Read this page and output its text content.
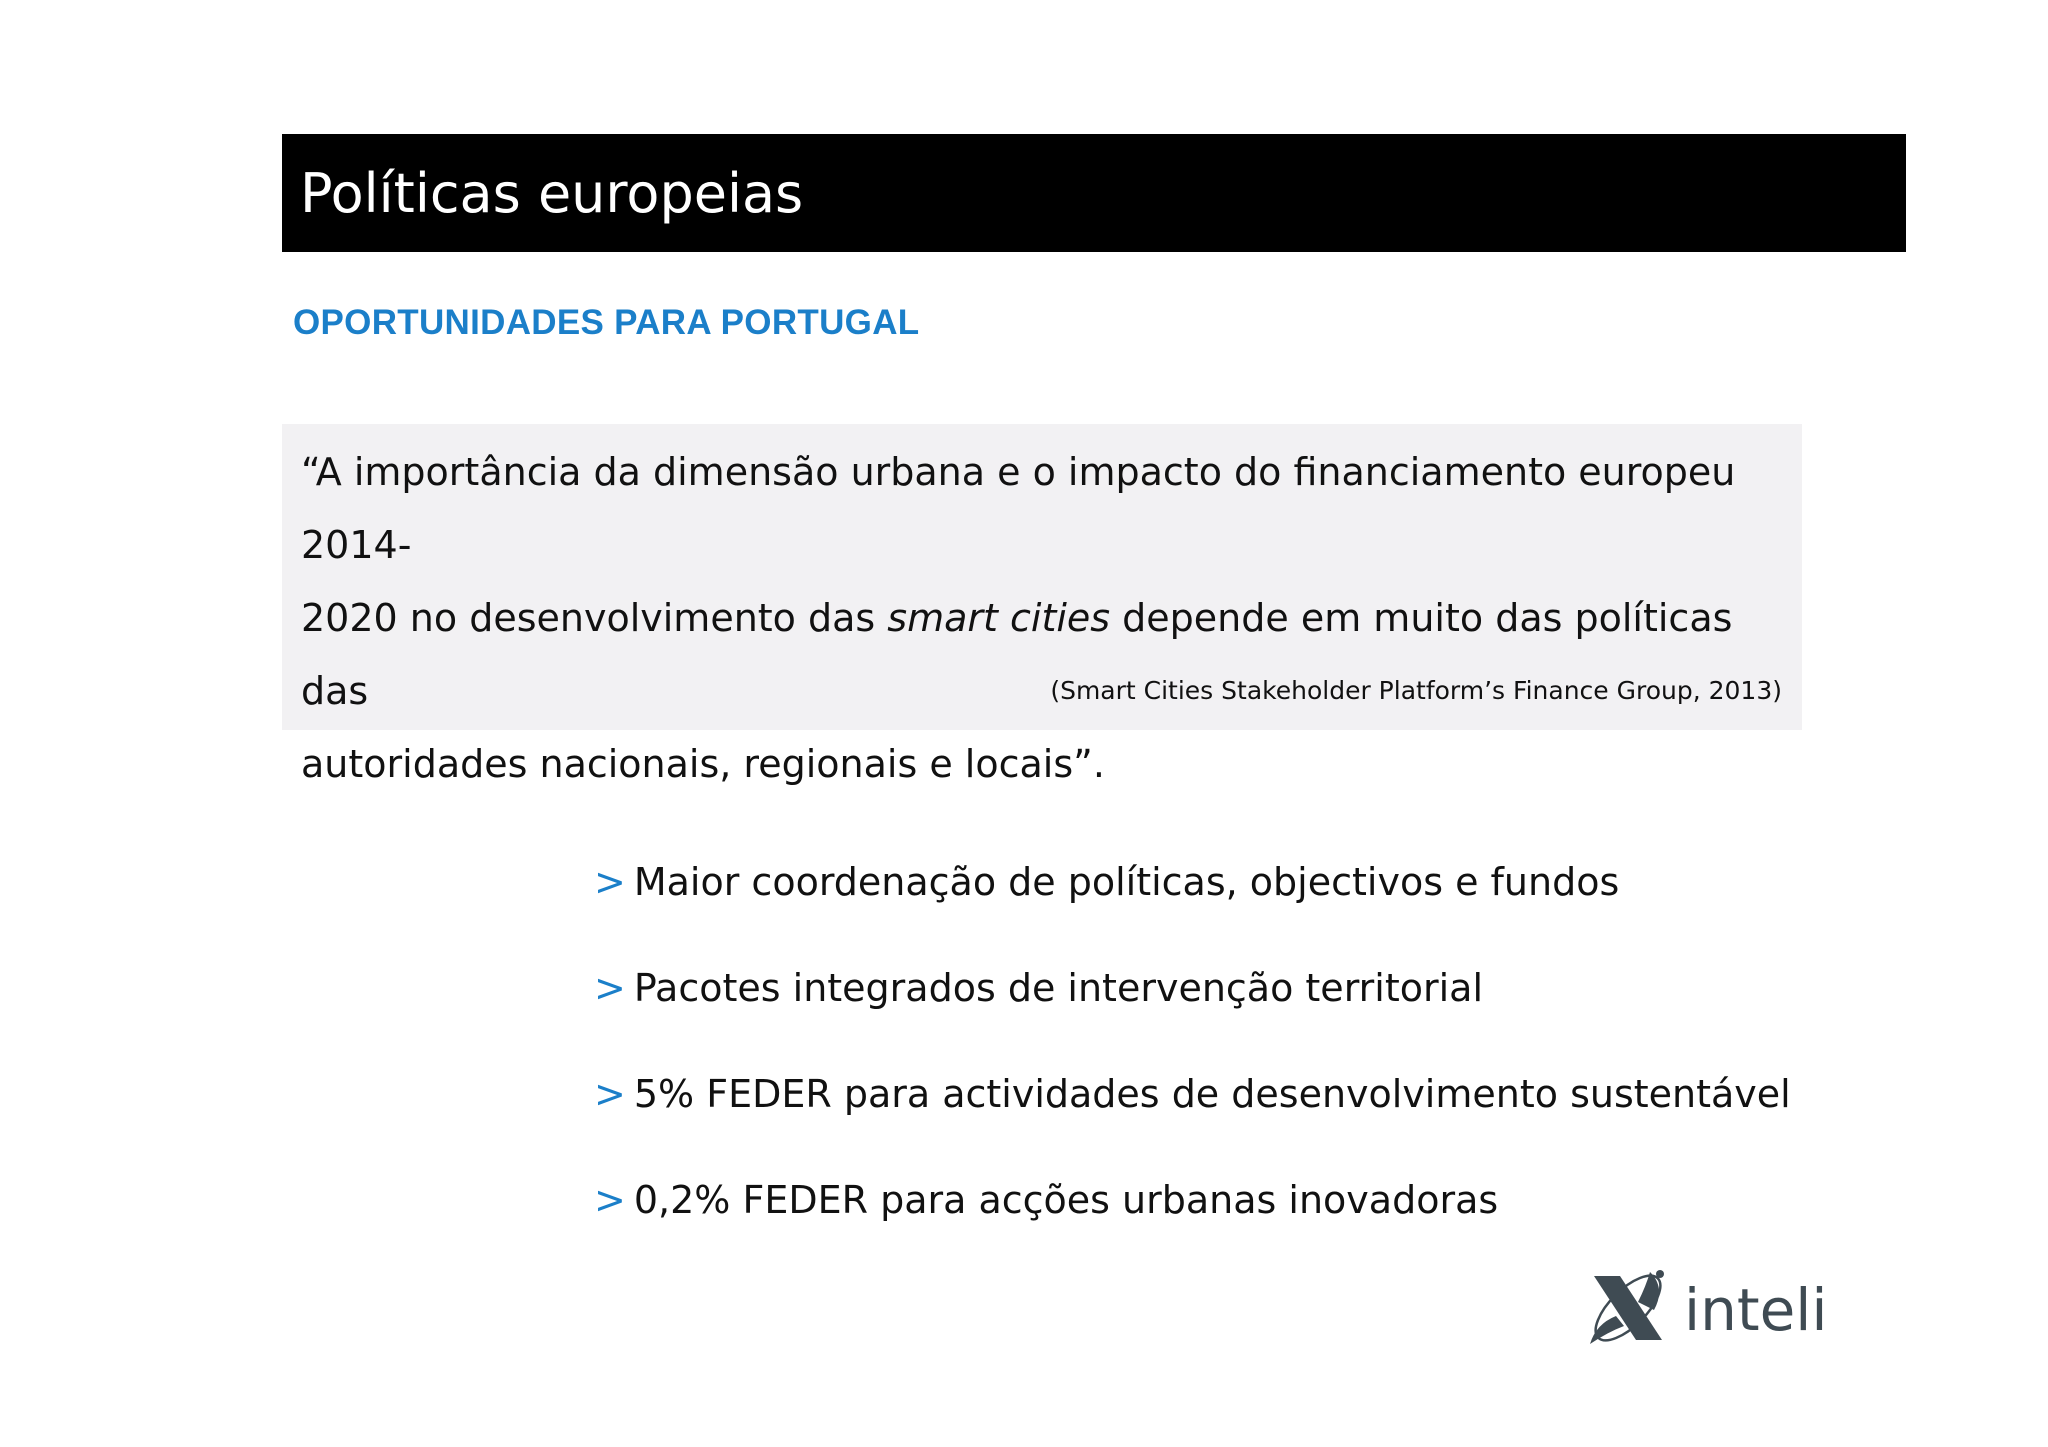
Políticas europeias
OPORTUNIDADES PARA PORTUGAL

“A importância da dimensão urbana e o impacto do financiamento europeu 2014-
2020 no desenvolvimento das smart cities depende em muito das políticas das
autoridades nacionais, regionais e locais”.

(Smart Cities Stakeholder Platform’s Finance Group, 2013)
> Maior coordenação de políticas, objectivos e fundos
> Pacotes integrados de intervenção territorial
> 5% FEDER para actividades de desenvolvimento sustentável
> 0,2% FEDER para acções urbanas inovadoras
inteli
